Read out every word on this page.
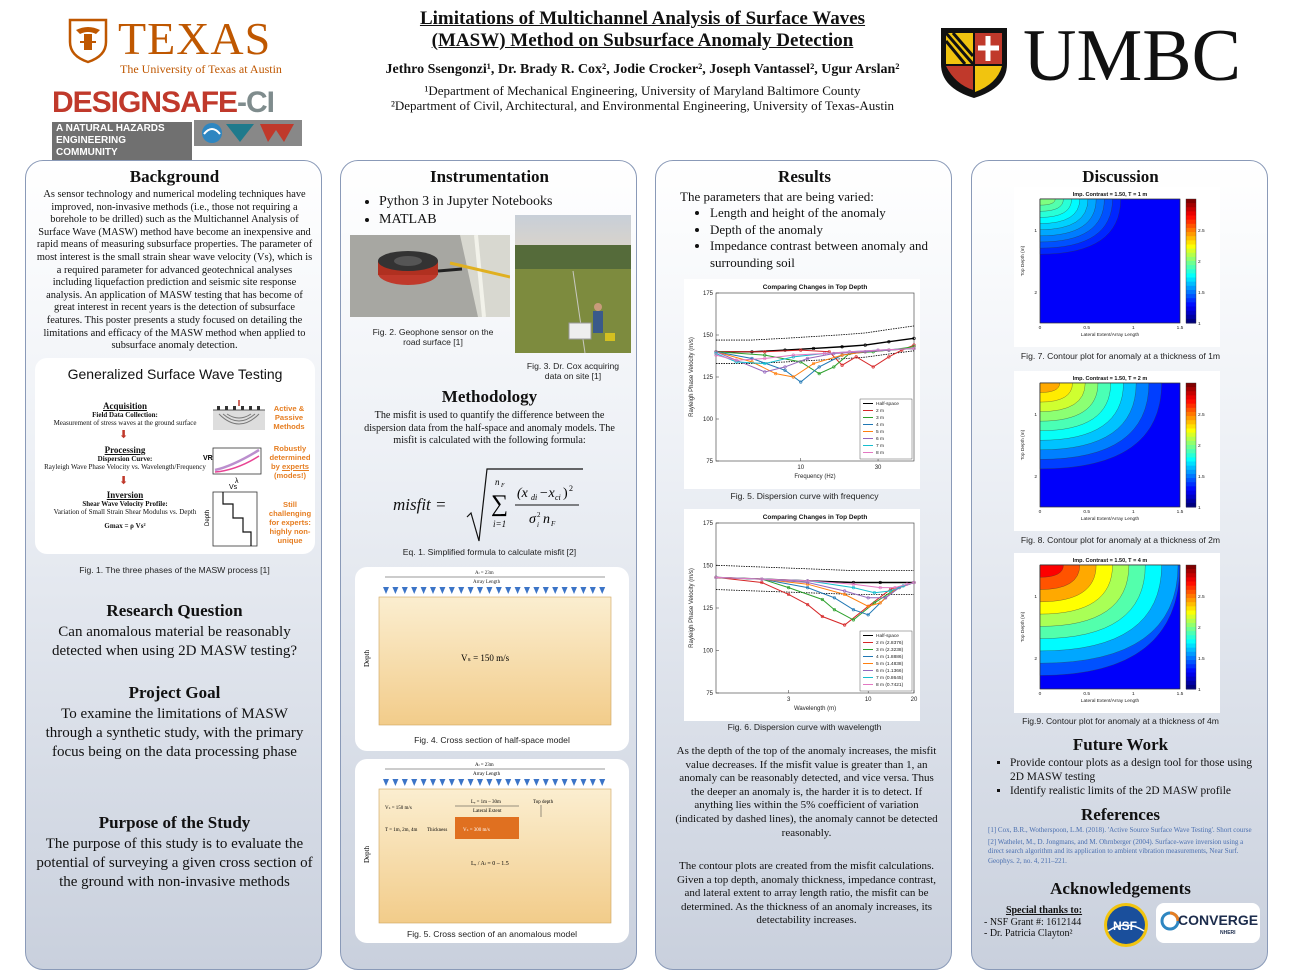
TEXAS
The University of Texas at Austin
DESIGNSAFE-CI
A NATURAL HAZARDS
ENGINEERING COMMUNITY
Limitations of Multichannel Analysis of Surface Waves
(MASW) Method on Subsurface Anomaly Detection
Jethro Ssengonzi¹, Dr. Brady R. Cox², Jodie Crocker², Joseph Vantassel², Ugur Arslan²
¹Department of Mechanical Engineering, University of Maryland Baltimore County
²Department of Civil, Architectural, and Environmental Engineering, University of Texas-Austin
UMBC
Background
As sensor technology and numerical modeling techniques have improved, non-invasive methods (i.e., those not requiring a borehole to be drilled) such as the Multichannel Analysis of Surface Wave (MASW) method have become an inexpensive and rapid means of measuring subsurface properties. The parameter of most interest is the small strain shear wave velocity (Vs), which is a required parameter for advanced geotechnical analyses including liquefaction prediction and seismic site response analysis. An application of MASW testing that has become of great interest in recent years is the detection of subsurface features. This poster presents a study focused on detailing the limitations and efficacy of the MASW method when applied to subsurface anomaly detection.
Generalized Surface Wave Testing
Acquisition
Field Data Collection:
Measurement of stress waves at the ground surface
Active & Passive Methods
⬇
Processing
Dispersion Curve:
Rayleigh Wave Phase Velocity vs. Wavelength/Frequency
VR
λ
Robustly determined by experts (modes!)
⬇
Inversion
Shear Wave Velocity Profile:
Variation of Small Strain Shear Modulus vs. Depth
Gmax = ρ Vs²
Vs
Depth
Still challenging for experts: highly non-unique
Fig. 1. The three phases of the MASW process [1]
Research Question
Can anomalous material be reasonably detected when using 2D MASW testing?
Project Goal
To examine the limitations of MASW through a synthetic study, with the primary focus being on the data processing phase
Purpose of the Study
The purpose of this study is to evaluate the potential of surveying a given cross section of the ground with non-invasive methods
Instrumentation
• Python 3 in Jupyter Notebooks
• MATLAB
Fig. 2. Geophone sensor on the road surface [1]
Fig. 3. Dr. Cox acquiring data on site [1]
Methodology
The misfit is used to quantify the difference between the dispersion data from the half-space and anomaly models. The misfit is calculated with the following formula:
misfit =
n F
∑
i=1
(x di −x ci ) 2
σ 2
i n F
Eq. 1. Simplified formula to calculate misfit [2]
Aₗ = 23m
Array Length
Vₛ = 150 m/s
Depth
Fig. 4. Cross section of half-space model
Aₗ = 23m
Array Length
Vₛ = 150 m/s
Lₑ = 1m – 30m
Lateral Extent
Top depth
T = 1m, 2m, 4m Thickness	Vₛ = 300 m/s
Lₑ / Aₗ = 0 – 1.5
Depth
Fig. 5. Cross section of an anomalous model
Results
The parameters that are being varied:
• Length and height of the anomaly
• Depth of the anomaly
• Impedance contrast between anomaly and surrounding soil
Comparing Changes in Top Depth
75
100
125
150
175
10	30
Frequency (Hz)
Rayleigh Phase Velocity (m/s)	Half-space
2 m
3 m
4 m
5 m
6 m
7 m
8 m
Fig. 5. Dispersion curve with frequency
Comparing Changes in Top Depth
75
100
125
150
175
3	10	20
Wavelength (m)
Rayleigh Phase Velocity (m/s)	Half-space
2 m (2.8376)
3 m (2.3238)
4 m (1.8886)
5 m (1.4838)
6 m (1.1366)
7 m (0.8645)
8 m (0.7421)
Fig. 6. Dispersion curve with wavelength
As the depth of the top of the anomaly increases, the misfit value decreases. If the misfit value is greater than 1, an anomaly can be reasonably detected, and vice versa. Thus the deeper an anomaly is, the harder it is to detect. If anything lies within the 5% coefficient of variation (indicated by dashed lines), the anomaly cannot be detected reasonably.
The contour plots are created from the misfit calculations. Given a top depth, anomaly thickness, impedance contrast, and lateral extent to array length ratio, the misfit can be determined. As the thickness of an anomaly increases, its detectability increases.
Discussion
Imp. Contrast = 1.50, T = 1 m
0	0.5	1	1.5
1
2
Lateral Extent/Array Length
Top Depth (m)
1
1.5
2
2.5
Fig. 7. Contour plot for anomaly at a thickness of 1m
Imp. Contrast = 1.50, T = 2 m
0	0.5	1	1.5
1
2
Lateral Extent/Array Length
Top Depth (m)
1
1.5
2
2.5
Fig. 8. Contour plot for anomaly at a thickness of 2m
Imp. Contrast = 1.50, T = 4 m
0	0.5	1	1.5
1
2
Lateral Extent/Array Length
Top Depth (m)
1
1.5
2
2.5
Fig.9. Contour plot for anomaly at a thickness of 4m
Future Work
▪ Provide contour plots as a design tool for those using 2D MASW testing
▪ Identify realistic limits of the 2D MASW profile
References
[1] Cox, B.R., Wotherspoon, L.M. (2018). 'Active Source Surface Wave Testing'. Short course
[2] Wathelet, M., D. Jongmans, and M. Ohrnberger (2004). Surface-wave inversion using a direct search algorithm and its application to ambient vibration measurements, Near Surf. Geophys. 2, no. 4, 211–221.
Acknowledgements
Special thanks to:
- NSF Grant #: 1612144
- Dr. Patricia Clayton²
NSF	CONVERGE
NHERI
